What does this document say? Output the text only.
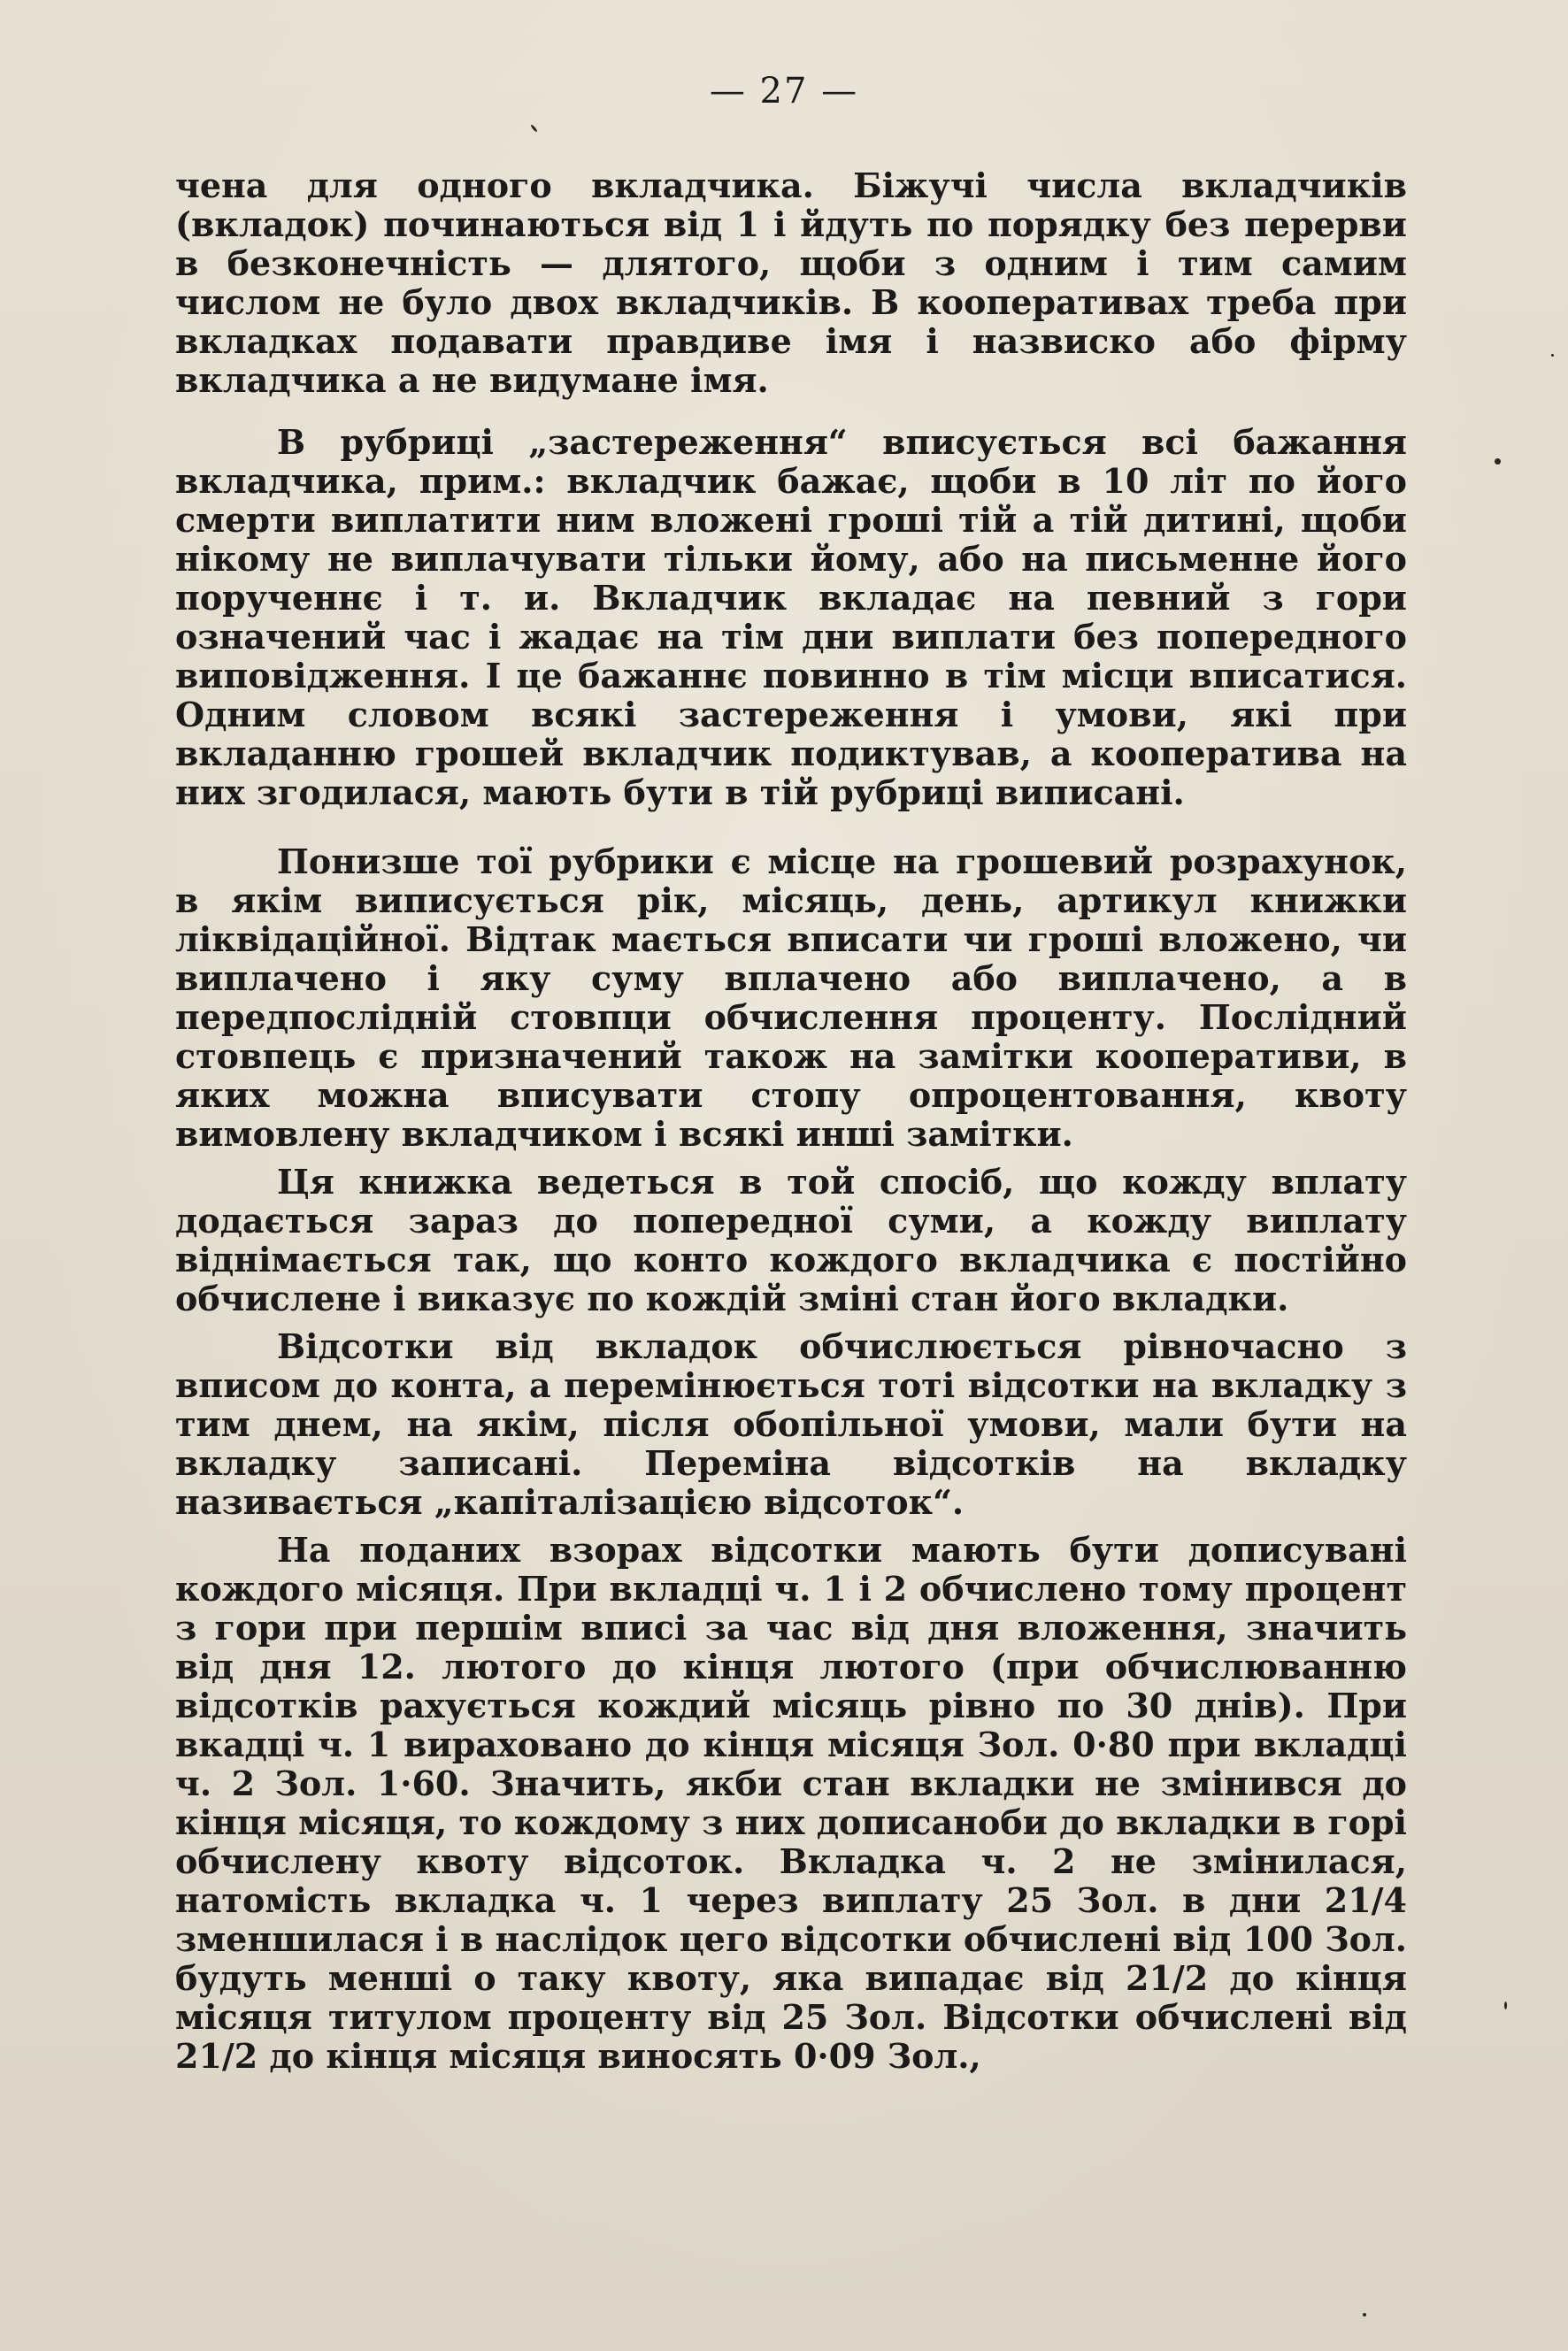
— 27 —

чена для одного вкладчика. Біжучі числа вкладчиків (вкладок) починаються від 1 і йдуть по порядку без перерви в безконечність — длятого, щоби з одним і тим самим числом не було двох вкладчиків. В кооперативах треба при вкладках подавати правдиве імя і назвиско або фірму вкладчика а не видумане імя.

В рубриці „застереження“ вписується всі бажання вкладчика, прим.: вкладчик бажає, щоби в 10 літ по його смерти виплатити ним вложені гроші тій а тій дитині, щоби нікому не виплачувати тільки йому, або на письменне його порученнє і т. и. Вкладчик вкладає на певний з гори означений час і жадає на тім дни виплати без попередного виповідження. І це бажаннє повинно в тім місци вписатися. Одним словом всякі застереження і умови, які при вкладанню грошей вкладчик подиктував, а кооператива на них згодилася, мають бути в тій рубриці виписані.

Понизше тої рубрики є місце на грошевий розрахунок, в якім виписується рік, місяць, день, артикул книжки ліквідаційної. Відтак мається вписати чи гроші вложено, чи виплачено і яку суму вплачено або виплачено, а в передпослідній стовпци обчислення проценту. Послідний стовпець є призначений також на замітки кооперативи, в яких можна вписувати стопу опроцентовання, квоту вимовлену вкладчиком і всякі инші замітки.

Ця книжка ведеться в той спосіб, що кожду вплату додається зараз до попередної суми, а кожду виплату віднімається так, що конто кождого вкладчика є постійно обчислене і виказує по кождій зміні стан його вкладки.

Відсотки від вкладок обчислюється рівночасно з вписом до конта, а перемінюється тоті відсотки на вкладку з тим днем, на якім, після обопільної умови, мали бути на вкладку записані. Переміна відсотків на вкладку називається „капіталізацією відсоток“.

На поданих взорах відсотки мають бути дописувані кождого місяця. При вкладці ч. 1 і 2 обчислено тому процент з гори при першім вписі за час від дня вложення, значить від дня 12. лютого до кінця лютого (при обчислюванню відсотків рахується кождий місяць рівно по 30 днів). При вкадці ч. 1 вираховано до кінця місяця Зол. 0·80 при вкладці ч. 2 Зол. 1·60. Значить, якби стан вкладки не змінився до кінця місяця, то кождому з них дописаноби до вкладки в горі обчислену квоту відсоток. Вкладка ч. 2 не змінилася, натомість вкладка ч. 1 через виплату 25 Зол. в дни 21/4 зменшилася і в наслідок цего відсотки обчислені від 100 Зол. будуть менші о таку квоту, яка випадає від 21/2 до кінця місяця титулом проценту від 25 Зол. Відсотки обчислені від 21/2 до кінця місяця виносять 0·09 Зол.,
